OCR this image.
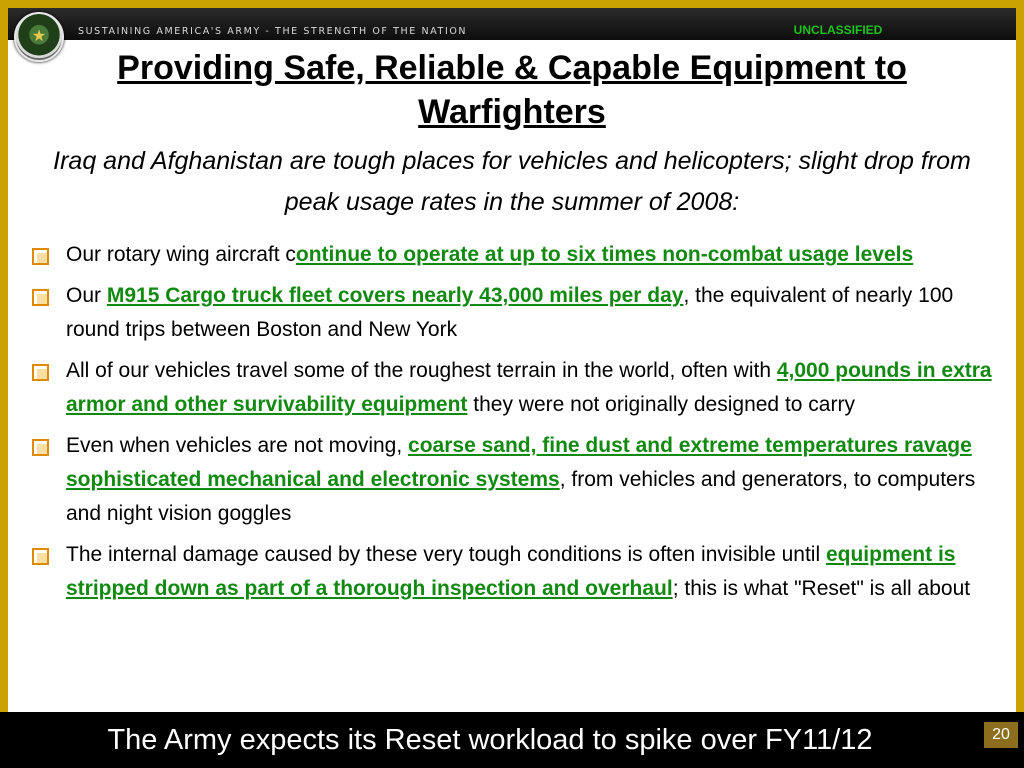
SUSTAINING AMERICA'S ARMY - THE STRENGTH OF THE NATION	UNCLASSIFIED
★
Providing Safe, Reliable & Capable Equipment to Warfighters
Iraq and Afghanistan are tough places for vehicles and helicopters; slight drop from peak usage rates in the summer of 2008:
Our rotary wing aircraft continue to operate at up to six times non-combat usage levels
Our M915 Cargo truck fleet covers nearly 43,000 miles per day, the equivalent of nearly 100 round trips between Boston and New York
All of our vehicles travel some of the roughest terrain in the world, often with 4,000 pounds in extra armor and other survivability equipment they were not originally designed to carry
Even when vehicles are not moving, coarse sand, fine dust and extreme temperatures ravage sophisticated mechanical and electronic systems, from vehicles and generators, to computers and night vision goggles
The internal damage caused by these very tough conditions is often invisible until equipment is stripped down as part of a thorough inspection and overhaul; this is what "Reset" is all about
The Army expects its Reset workload to spike over FY11/12	20
